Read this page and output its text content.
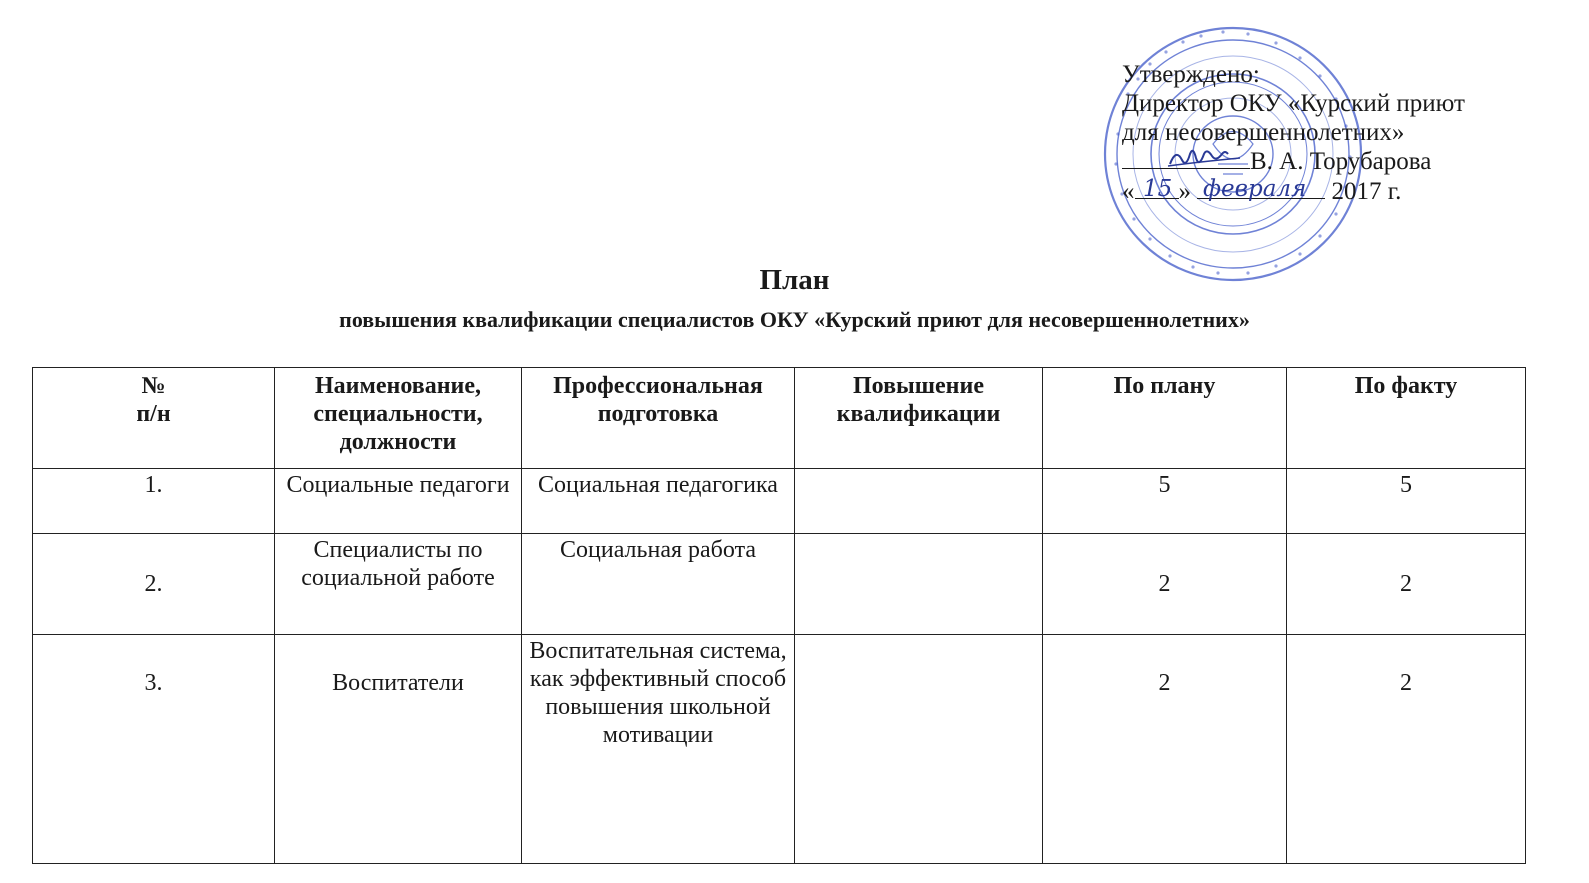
Утверждено:
Директор ОКУ «Курский приют
для несовершеннолетних»
В. А. Торубарова
« 15 » февраля 2017 г.
План
повышения квалификации специалистов ОКУ «Курский приют для несовершеннолетних»
№
п/н	Наименование, специальности, должности	Профессиональная подготовка	Повышение квалификации	По плану	По факту
1.	Социальные педагоги	Социальная педагогика		5	5
2.	Специалисты по социальной работе	Социальная работа		2	2
3.	Воспитатели	Воспитательная система, как эффективный способ повышения школьной мотивации		2	2
